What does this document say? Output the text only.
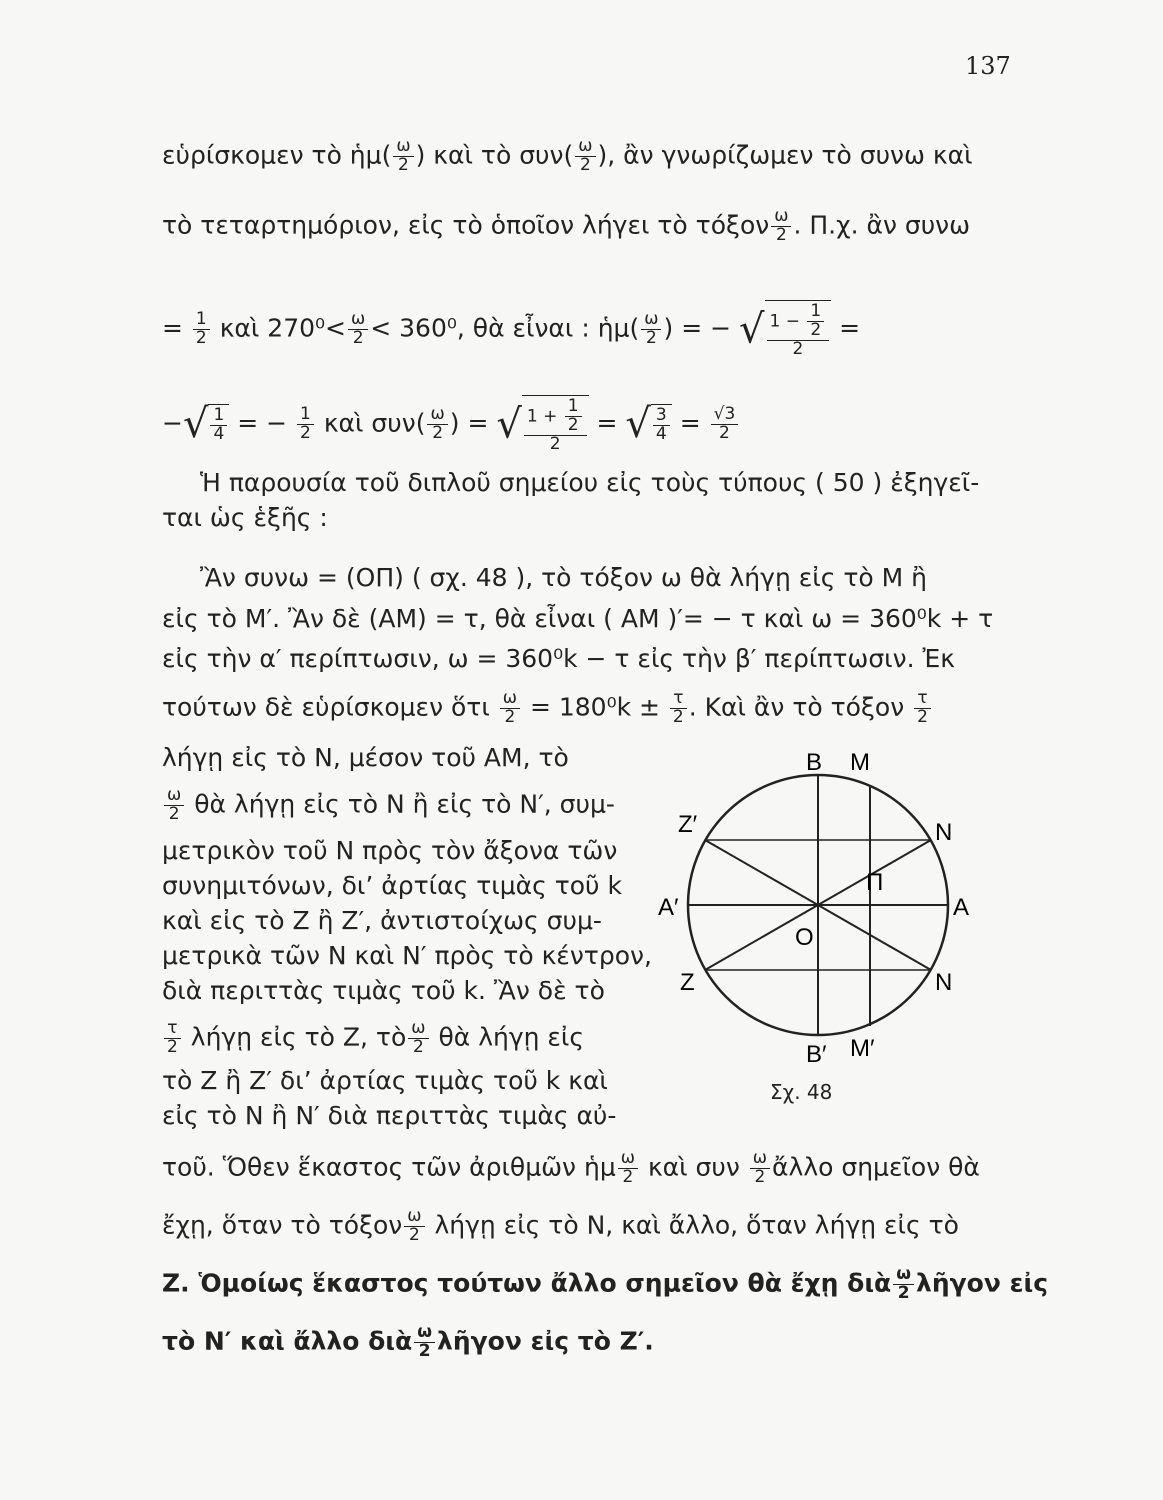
137
εὑρίσκομεν τὸ ἡμ( $\frac{\omega}{2}$ ) καὶ τὸ $\sigma\upsilon\nu( \frac{\omega}{2}$ ), ἂν γνωρίζωμεν τὸ συνω καὶ
τὸ τεταρτημόριον, εἰς τὸ ὁποῖον λήγει τὸ τόξον $\frac{\omega}{2}$ . Π.χ. ἂν συνω
= $\frac{1}{2}$ καὶ $270^0< \frac{\omega}{2} < 360^0$, θὰ εἶναι : ἡμ( $\frac{\omega}{2}$ ) = − √ $\frac{1 - \frac{1}{2}}{2}$ =
−√ $\frac{1}{4}$ = − $\frac{1}{2}$ καὶ $\sigma\upsilon\nu( \frac{\omega}{2}$ ) = √ $\frac{1 + \frac{1}{2}}{2}$ = √ $\frac{3}{4} = \frac{√3}{2}$
Ἡ παρουσία τοῦ διπλοῦ σημείου εἰς τοὺς τύπους ( 50 ) ἐξηγεῖ-
ται ὡς ἑξῆς :
Ἂν συνω = (ΟΠ) ( σχ. 48 ), τὸ τόξον ω θὰ λήγῃ εἰς τὸ Μ ἢ
εἰς τὸ Μ′. Ἂν δὲ (ΑΜ) = τ, θὰ εἶναι ( ΑΜ )′= − τ καὶ ω = 360⁰k + τ
εἰς τὴν α′ περίπτωσιν, ω = 360⁰k − τ εἰς τὴν β′ περίπτωσιν. Ἐκ
τούτων δὲ εὑρίσκομεν ὅτι $\frac{\omega}{2} = 180^0k \pm \frac{\tau}{2}$ . Καὶ ἂν τὸ τόξον $\frac{\tau}{2}$
λήγῃ εἰς τὸ Ν, μέσον τοῦ ΑΜ, τὸ
$\frac{\omega}{2}$ θὰ λήγῃ εἰς τὸ Ν ἢ εἰς τὸ Ν′, συμ-
μετρικὸν τοῦ Ν πρὸς τὸν ἄξονα τῶν
συνημιτόνων, δι’ ἀρτίας τιμὰς τοῦ k
καὶ εἰς τὸ Ζ ἢ Ζ′, ἀντιστοίχως συμ-
μετρικὰ τῶν Ν καὶ Ν′ πρὸς τὸ κέντρον,
διὰ περιττὰς τιμὰς τοῦ k. Ἂν δὲ τὸ
$\frac{\tau}{2}$ λήγῃ εἰς τὸ Ζ, τὸ $\frac{\omega}{2}$ θὰ λήγῃ εἰς
τὸ Ζ ἢ Ζ′ δι’ ἀρτίας τιμὰς τοῦ k καὶ
εἰς τὸ Ν ἢ Ν′ διὰ περιττὰς τιμὰς αὐ-
τοῦ. Ὅθεν ἕκαστος τῶν ἀριθμῶν ἡμ $\frac{\omega}{2}$ καὶ συν $\frac{\omega}{2}$ ἄλλο σημεῖον θὰ
ἔχῃ, ὅταν τὸ τόξον $\frac{\omega}{2}$ λήγῃ εἰς τὸ Ν, καὶ ἄλλο, ὅταν λήγῃ εἰς τὸ
Ζ. Ὁμοίως ἕκαστος τούτων ἄλλο σημεῖον θὰ ἔχῃ διὰ $\frac{\omega}{2}$ λῆγον εἰς
τὸ Ν′ καὶ ἄλλο διὰ $\frac{\omega}{2}$ λῆγον εἰς τὸ Ζ′.
Β Μ
Ζ′	Ν
Π
Α′	Α
Ο
Ζ	Ν
Β′ Μ′
Σχ. 48
